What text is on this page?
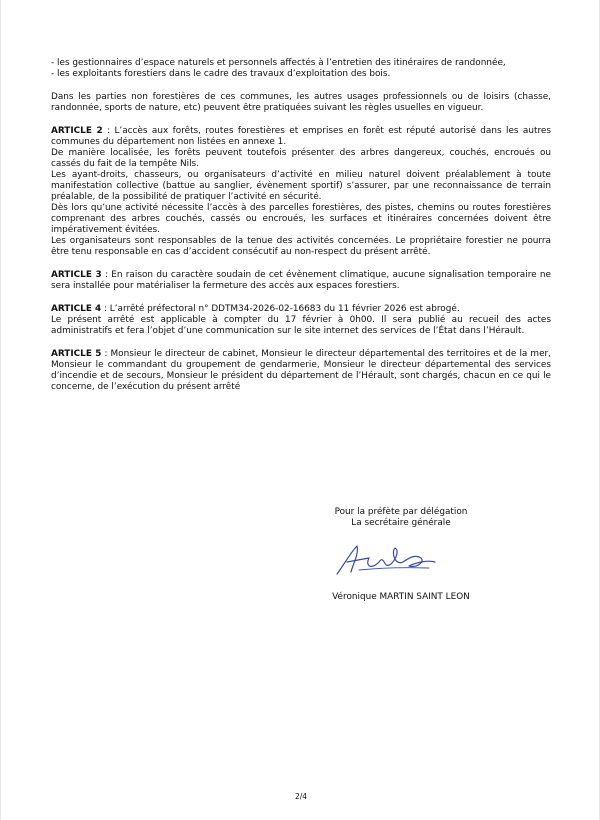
- les gestionnaires d’espace naturels et personnels affectés à l’entretien des itinéraires de randonnée,
- les exploitants forestiers dans le cadre des travaux d’exploitation des bois.
Dans les parties non forestières de ces communes, les autres usages professionnels ou de loisirs (chasse, randonnée, sports de nature, etc) peuvent être pratiquées suivant les règles usuelles en vigueur.
ARTICLE 2 : L’accès aux forêts, routes forestières et emprises en forêt est réputé autorisé dans les autres communes du département non listées en annexe 1.
De manière localisée, les forêts peuvent toutefois présenter des arbres dangereux, couchés, encroués ou cassés du fait de la tempête Nils.
Les ayant-droits, chasseurs, ou organisateurs d’activité en milieu naturel doivent préalablement à toute manifestation collective (battue au sanglier, évènement sportif) s’assurer, par une reconnaissance de terrain préalable, de la possibilité de pratiquer l’activité en sécurité.
Dès lors qu’une activité nécessite l’accès à des parcelles forestières, des pistes, chemins ou routes forestières comprenant des arbres couchés, cassés ou encroués, les surfaces et itinéraires concernées doivent être impérativement évitées.
Les organisateurs sont responsables de la tenue des activités concernées. Le propriétaire forestier ne pourra être tenu responsable en cas d’accident consécutif au non-respect du présent arrêté.
ARTICLE 3 : En raison du caractère soudain de cet évènement climatique, aucune signalisation temporaire ne sera installée pour matérialiser la fermeture des accès aux espaces forestiers.
ARTICLE 4 : L’arrêté préfectoral n° DDTM34-2026-02-16683 du 11 février 2026 est abrogé.
Le présent arrêté est applicable à compter du 17 février à 0h00. Il sera publié au recueil des actes administratifs et fera l’objet d’une communication sur le site internet des services de l’État dans l’Hérault.
ARTICLE 5 : Monsieur le directeur de cabinet, Monsieur le directeur départemental des territoires et de la mer, Monsieur le commandant du groupement de gendarmerie, Monsieur le directeur départemental des services d’incendie et de secours, Monsieur le président du département de l’Hérault, sont chargés, chacun en ce qui le concerne, de l’exécution du présent arrêté
Pour la préfète par délégation
La secrétaire générale
Véronique MARTIN SAINT LEON
2/4
